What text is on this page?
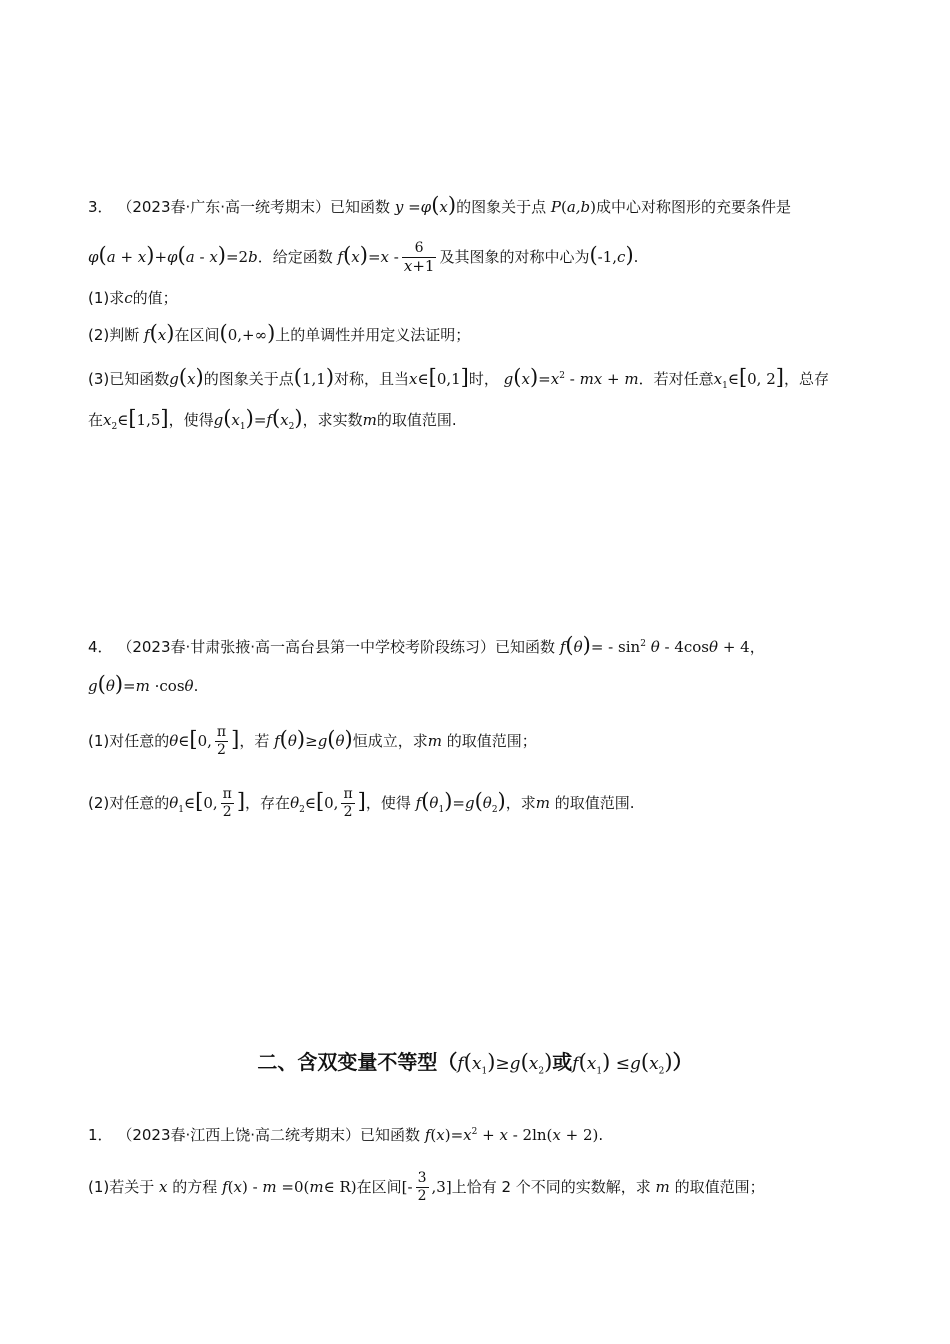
3． （2023春·广东·高一统考期末）已知函数 y =φ(x)的图象关于点 P(a,b)成中心对称图形的充要条件是
φ(a + x)+φ(a - x)=2b．给定函数 $f(x)=x - \frac{6}{x+1}$ 及其图象的对称中心为(-1,c).
(1)求c的值；
(2)判断 f(x)在区间(0,+∞)上的单调性并用定义法证明；
(3)已知函数g(x)的图象关于点(1,1)对称，且当x∈[0,1]时， $g(x)=x^2$ - mx + m．若对任意$x_1\in[0$, 2]，总存
在$x_2\in[1,5]$，使得$g(x_1)=f(x_2)$，求实数m的取值范围.
4． （2023春·甘肃张掖·高一高台县第一中学校考阶段练习）已知函数 $f(\theta)= - \sin^2 \theta - 4\cos\theta + 4$，
g(θ)=m ·cosθ.
(1)对任意的θ∈[0, $\frac{\pi}{2}$ ]，若 f(θ)≥g(θ)恒成立，求m 的取值范围；
(2)对任意的$\theta_1\in[0$, $\frac{\pi}{2}$ ]，存在$\theta_2\in[0$, $\frac{\pi}{2}$ ]，使得 $f(\theta_1)=g(\theta_2)$，求m 的取值范围.
二、含双变量不等型（$f(x_1)\ge g(x_2)$或$f(x_1) \le g(x_2)$）
1． （2023春·江西上饶·高二统考期末）已知函数 $f(x)=x^2 + x - 2\ln(x + 2)$.
(1)若关于 x 的方程 f(x) - m =0(m∈ R)在区间[- $\frac{3}{2} ,3$]上恰有 2 个不同的实数解，求 m 的取值范围；
